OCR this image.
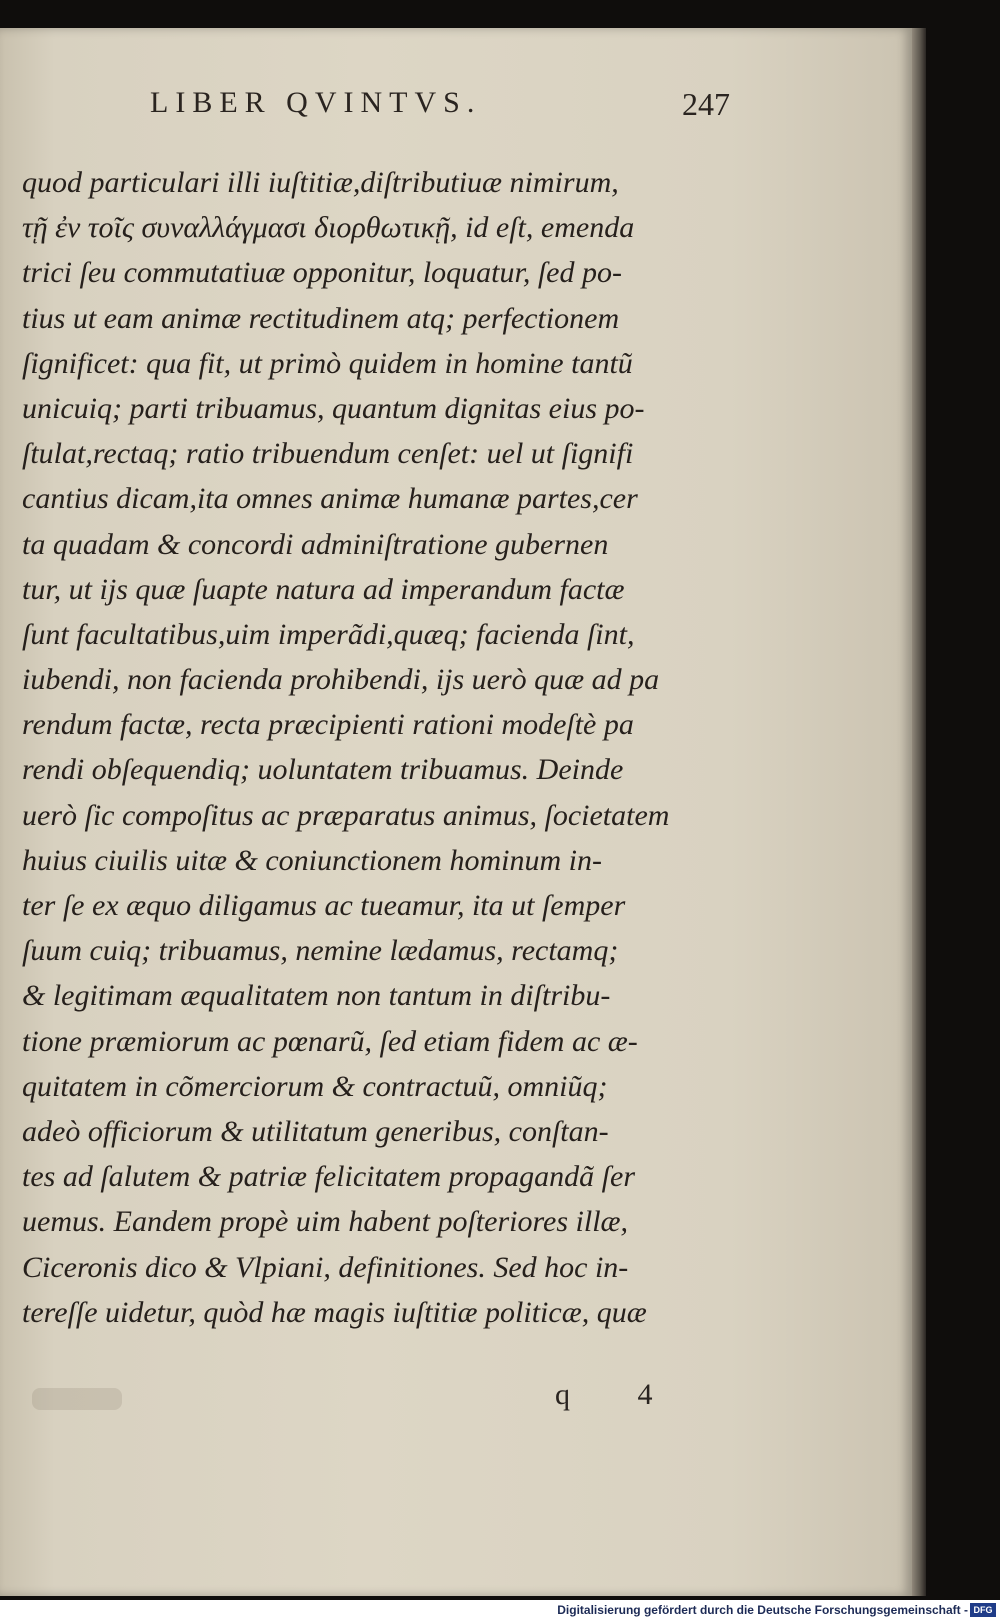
LIBER QVINTVS.	247
quod particulari illi iuſtitiæ,diſtributiuæ nimirum,
τῇ ἐν τοῖς συναλλάγμασι διορθωτικῇ, id eſt, emenda
trici ſeu commutatiuæ opponitur, loquatur, ſed po-
tius ut eam animæ rectitudinem atq; perfectionem
ſignificet: qua fit, ut primò quidem in homine tantũ
unicuiq; parti tribuamus, quantum dignitas eius po-
ſtulat,rectaq; ratio tribuendum cenſet: uel ut ſignifi
cantius dicam,ita omnes animæ humanæ partes,cer
ta quadam & concordi adminiſtratione gubernen
tur, ut ijs quæ ſuapte natura ad imperandum factæ
ſunt facultatibus,uim imperãdi,quæq; facienda ſint,
iubendi, non facienda prohibendi, ijs uerò quæ ad pa
rendum factæ, recta præcipienti rationi modeſtè pa
rendi obſequendiq; uoluntatem tribuamus. Deinde
uerò ſic compoſitus ac præparatus animus, ſocietatem
huius ciuilis uitæ & coniunctionem hominum in-
ter ſe ex æquo diligamus ac tueamur, ita ut ſemper
ſuum cuiq; tribuamus, nemine lædamus, rectamq;
& legitimam æqualitatem non tantum in diſtribu-
tione præmiorum ac pœnarũ, ſed etiam fidem ac æ-
quitatem in cõmerciorum & contractuũ, omniũq;
adeò officiorum & utilitatum generibus, conſtan-
tes ad ſalutem & patriæ felicitatem propagandã ſer
uemus. Eandem propè uim habent poſteriores illæ,
Ciceronis dico & Vlpiani, definitiones. Sed hoc in-
tereſſe uidetur, quòd hæ magis iuſtitiæ politicæ, quæ
q 4
Digitalisierung gefördert durch die Deutsche Forschungsgemeinschaft - DFG
